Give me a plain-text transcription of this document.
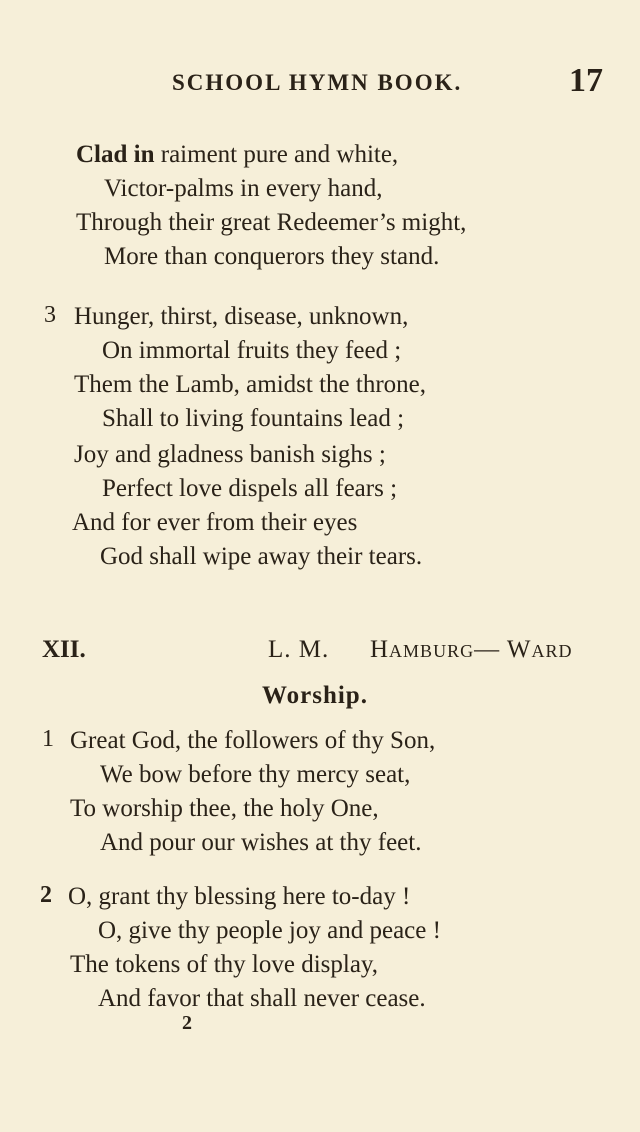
SCHOOL HYMN BOOK.	17
Clad in raiment pure and white,
Victor-palms in every hand,
Through their great Redeemer’s might,
More than conquerors they stand.
3 Hunger, thirst, disease, unknown,
On immortal fruits they feed ;
Them the Lamb, amidst the throne,
Shall to living fountains lead ;
Joy and gladness banish sighs ;
Perfect love dispels all fears ;
And for ever from their eyes
God shall wipe away their tears.
XII.	L. M. Hamburg— Ward
Worship.
1 Great God, the followers of thy Son,
We bow before thy mercy seat,
To worship thee, the holy One,
And pour our wishes at thy feet.
2 O, grant thy blessing here to-day !
O, give thy people joy and peace !
The tokens of thy love display,
And favor that shall never cease.
2
